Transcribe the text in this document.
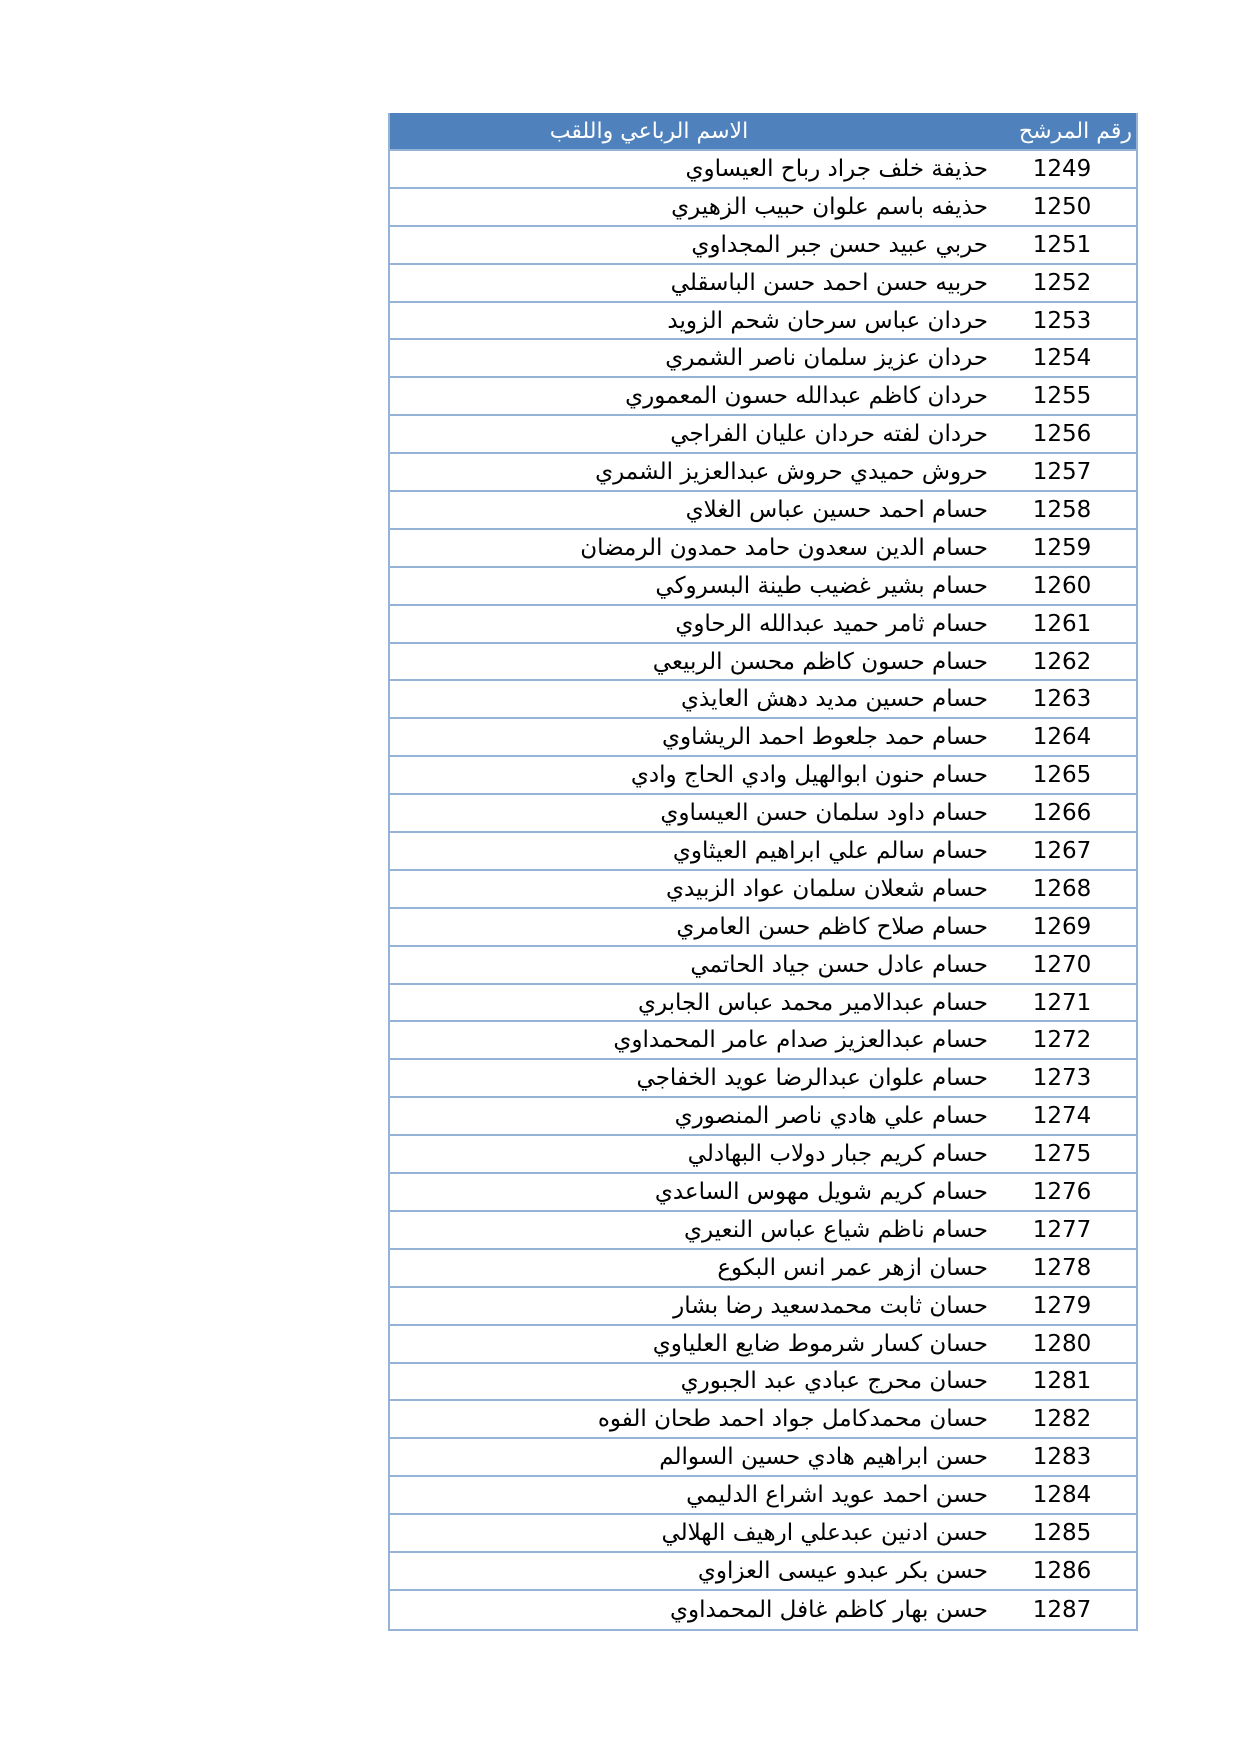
رقم المرشح
الاسم الرباعي واللقب
1249
حذيفة خلف جراد رباح العيساوي
1250
حذيفه باسم علوان حبيب الزهيري
1251
حربي عبيد حسن جبر المجداوي
1252
حربيه حسن احمد حسن الباسقلي
1253
حردان عباس سرحان شحم الزويد
1254
حردان عزيز سلمان ناصر الشمري
1255
حردان كاظم عبدالله حسون المعموري
1256
حردان لفته حردان عليان الفراجي
1257
حروش حميدي حروش عبدالعزيز الشمري
1258
حسام احمد حسين عباس الغلاي
1259
حسام الدين سعدون حامد حمدون الرمضان
1260
حسام بشير غضيب طينة البسروكي
1261
حسام ثامر حميد عبدالله الرحاوي
1262
حسام حسون كاظم محسن الربيعي
1263
حسام حسين مديد دهش العايذي
1264
حسام حمد جلعوط احمد الريشاوي
1265
حسام حنون ابوالهيل وادي الحاج وادي
1266
حسام داود سلمان حسن العيساوي
1267
حسام سالم علي ابراهيم العيثاوي
1268
حسام شعلان سلمان عواد الزبيدي
1269
حسام صلاح كاظم حسن العامري
1270
حسام عادل حسن جياد الحاتمي
1271
حسام عبدالامير محمد عباس الجابري
1272
حسام عبدالعزيز صدام عامر المحمداوي
1273
حسام علوان عبدالرضا عويد الخفاجي
1274
حسام علي هادي ناصر المنصوري
1275
حسام كريم جبار دولاب البهادلي
1276
حسام كريم شويل مهوس الساعدي
1277
حسام ناظم شياع عباس النعيري
1278
حسان ازهر عمر انس البكوع
1279
حسان ثابت محمدسعيد رضا بشار
1280
حسان كسار شرموط ضايع العلياوي
1281
حسان محرج عبادي عبد الجبوري
1282
حسان محمدكامل جواد احمد طحان الفوه
1283
حسن ابراهيم هادي حسين السوالم
1284
حسن احمد عويد اشراع الدليمي
1285
حسن ادنين عبدعلي ارهيف الهلالي
1286
حسن بكر عبدو عيسى العزاوي
1287
حسن بهار كاظم غافل المحمداوي
